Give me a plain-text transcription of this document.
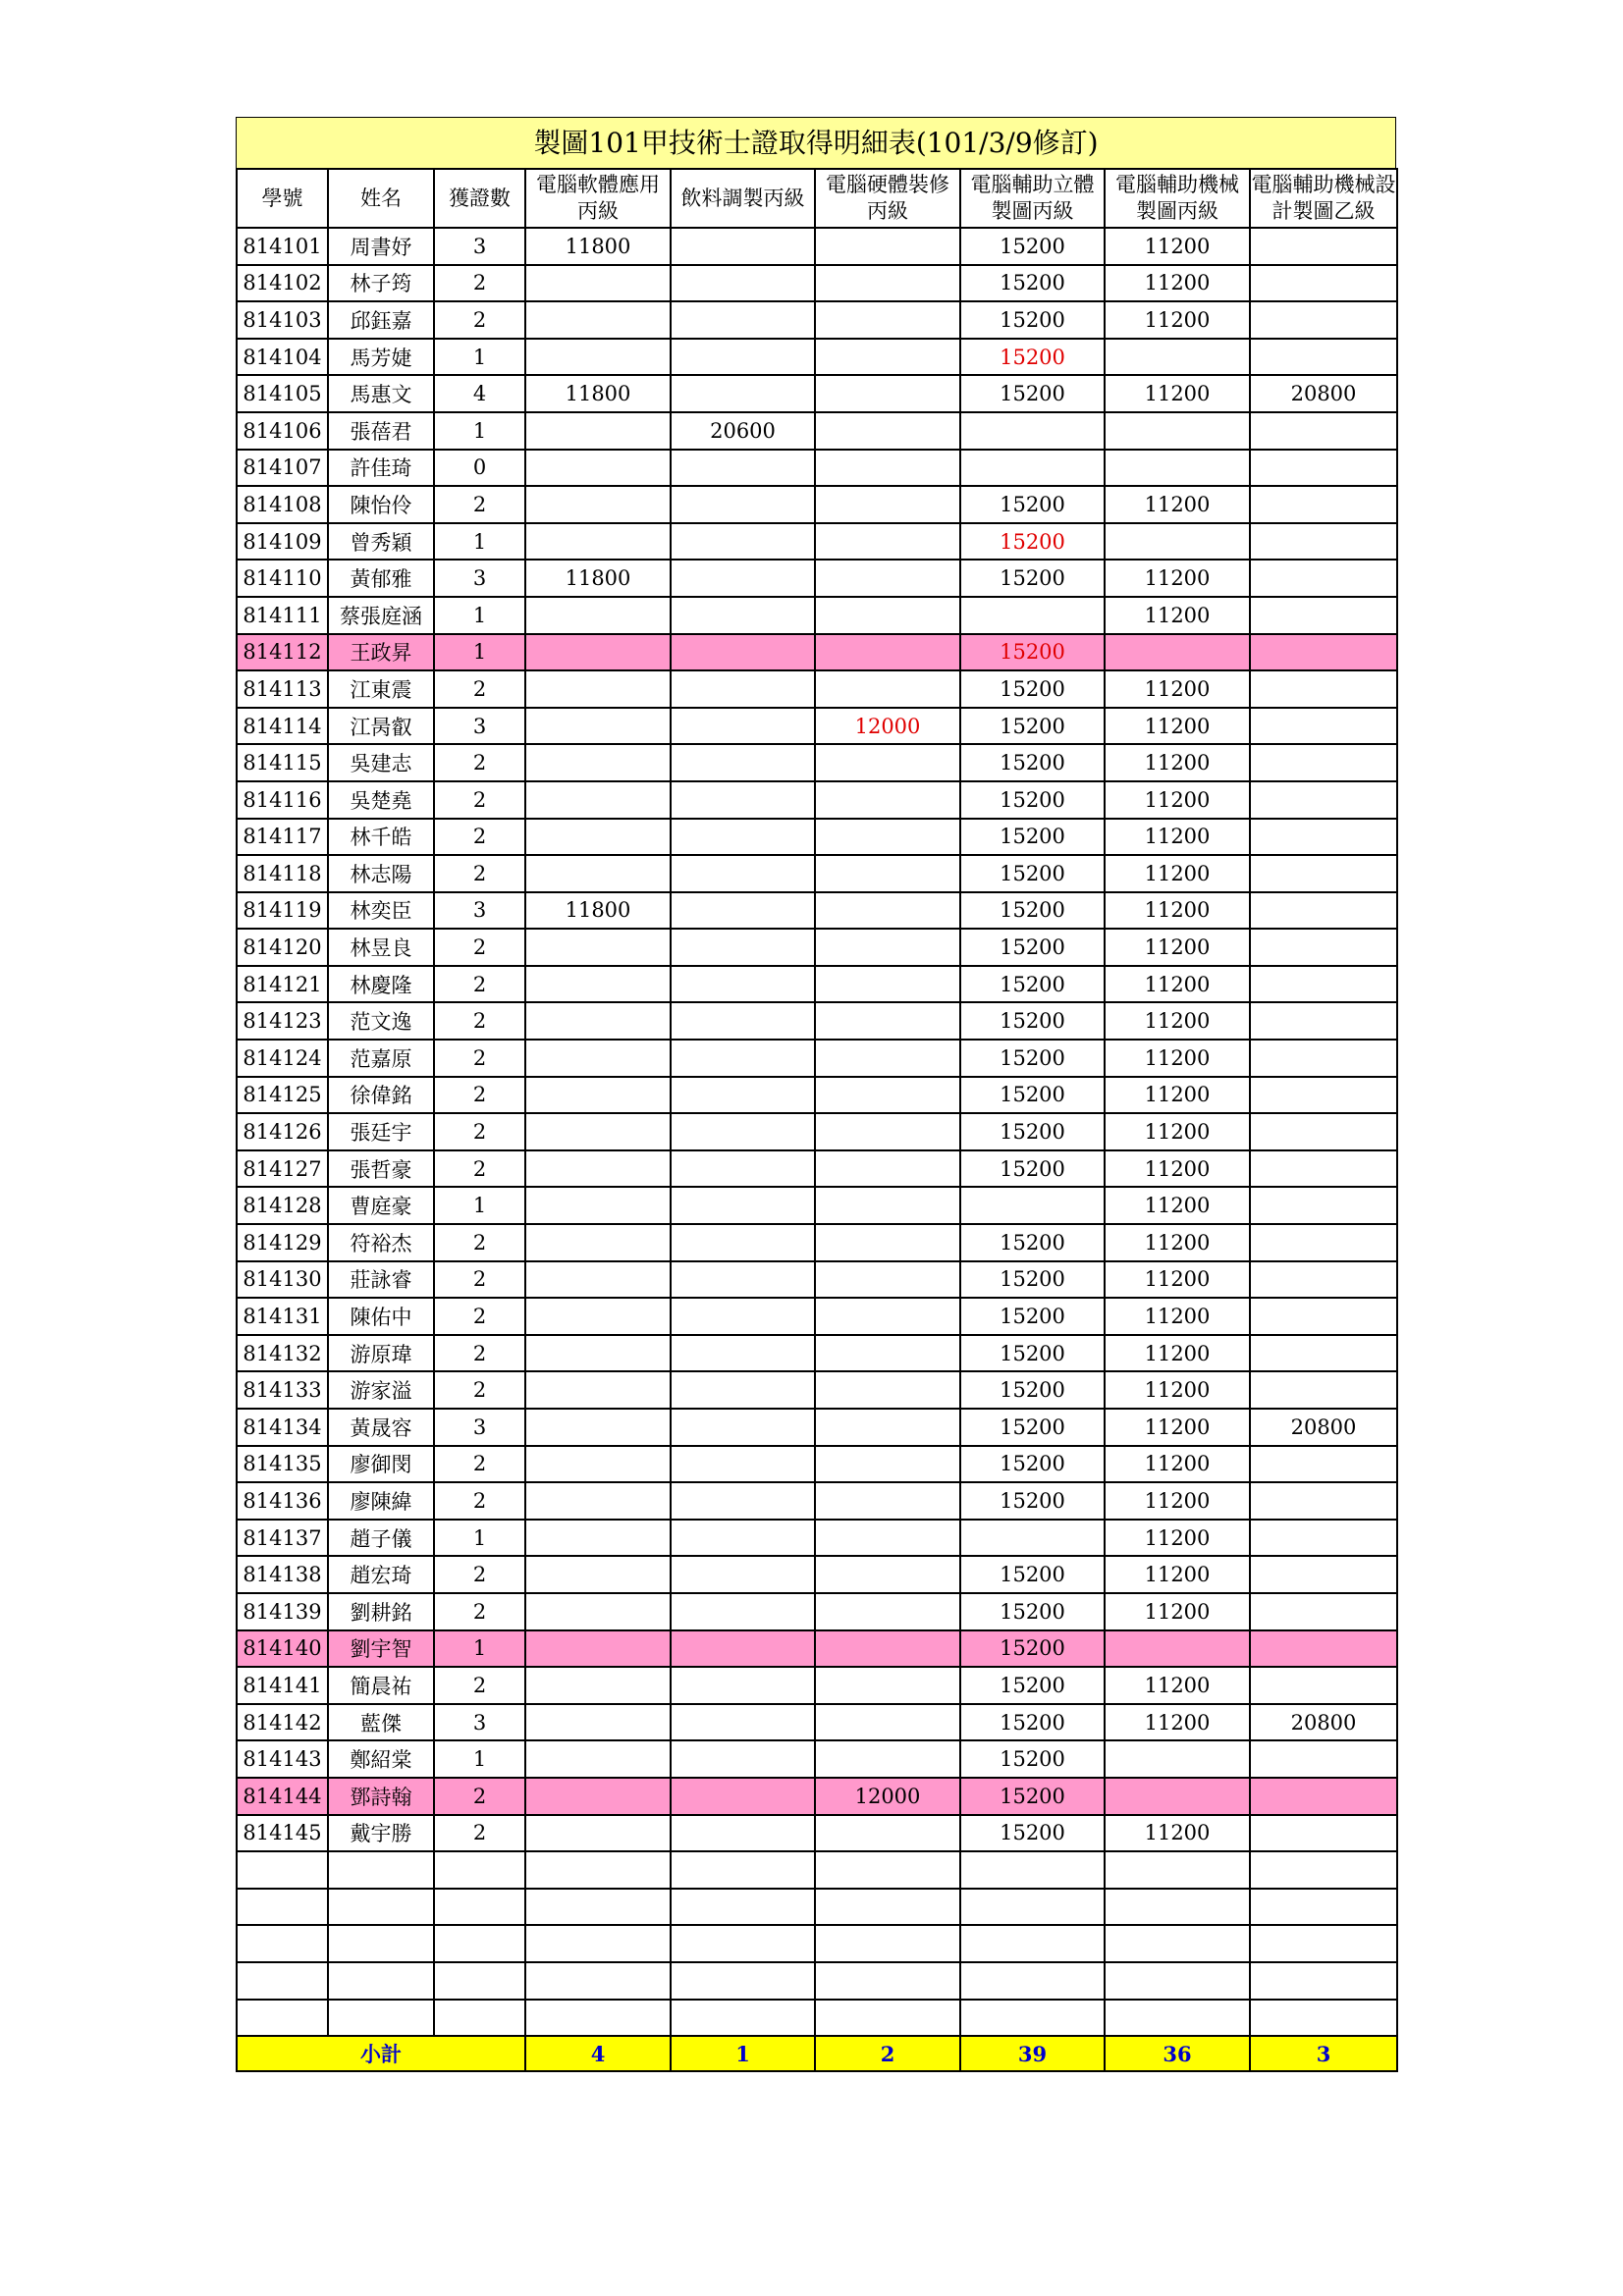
製圖101甲技術士證取得明細表(101/3/9修訂)
學號	姓名	獲證數	電腦軟體應用丙級	飲料調製丙級	電腦硬體裝修丙級	電腦輔助立體製圖丙級	電腦輔助機械製圖丙級	電腦輔助機械設計製圖乙級
814101	周書妤	3	11800			15200	11200	
814102	林子筠	2				15200	11200	
814103	邱鈺嘉	2				15200	11200	
814104	馬芳婕	1				15200		
814105	馬惠文	4	11800			15200	11200	20800
814106	張蓓君	1		20600				
814107	許佳琦	0						
814108	陳怡伶	2				15200	11200	
814109	曾秀穎	1				15200		
814110	黃郁雅	3	11800			15200	11200	
814111	蔡張庭涵	1					11200	
814112	王政昇	1				15200		
814113	江東震	2				15200	11200	
814114	江昺叡	3			12000	15200	11200	
814115	吳建志	2				15200	11200	
814116	吳楚堯	2				15200	11200	
814117	林千皓	2				15200	11200	
814118	林志陽	2				15200	11200	
814119	林奕臣	3	11800			15200	11200	
814120	林昱良	2				15200	11200	
814121	林慶隆	2				15200	11200	
814123	范文逸	2				15200	11200	
814124	范嘉原	2				15200	11200	
814125	徐偉銘	2				15200	11200	
814126	張廷宇	2				15200	11200	
814127	張哲豪	2				15200	11200	
814128	曹庭豪	1					11200	
814129	符裕杰	2				15200	11200	
814130	莊詠睿	2				15200	11200	
814131	陳佑中	2				15200	11200	
814132	游原瑋	2				15200	11200	
814133	游家溢	2				15200	11200	
814134	黃晟容	3				15200	11200	20800
814135	廖御閔	2				15200	11200	
814136	廖陳緯	2				15200	11200	
814137	趙子儀	1					11200	
814138	趙宏琦	2				15200	11200	
814139	劉耕銘	2				15200	11200	
814140	劉宇智	1				15200		
814141	簡晨祐	2				15200	11200	
814142	藍傑	3				15200	11200	20800
814143	鄭紹棠	1				15200		
814144	鄧詩翰	2			12000	15200		
814145	戴宇勝	2				15200	11200	

小計			4	1	2	39	36	3
